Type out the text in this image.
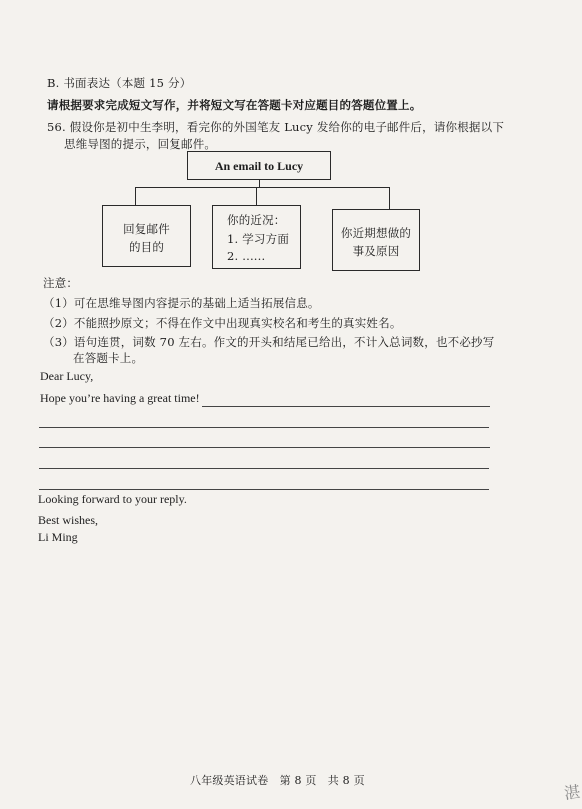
B. 书面表达（本题 15 分）
请根据要求完成短文写作，并将短文写在答题卡对应题目的答题位置上。
56. 假设你是初中生李明，看完你的外国笔友 Lucy 发给你的电子邮件后，请你根据以下
思维导图的提示，回复邮件。
An email to Lucy
回复邮件
的目的
你的近况：
1. 学习方面
2. ......
你近期想做的
事及原因
注意：
（1）可在思维导图内容提示的基础上适当拓展信息。
（2）不能照抄原文；不得在作文中出现真实校名和考生的真实姓名。
（3）语句连贯，词数 70 左右。作文的开头和结尾已给出，不计入总词数，也不必抄写
在答题卡上。
Dear Lucy,
Hope you’re having a great time!
Looking forward to your reply.
Best wishes,
Li Ming
八年级英语试卷　第 8 页　共 8 页
湛
